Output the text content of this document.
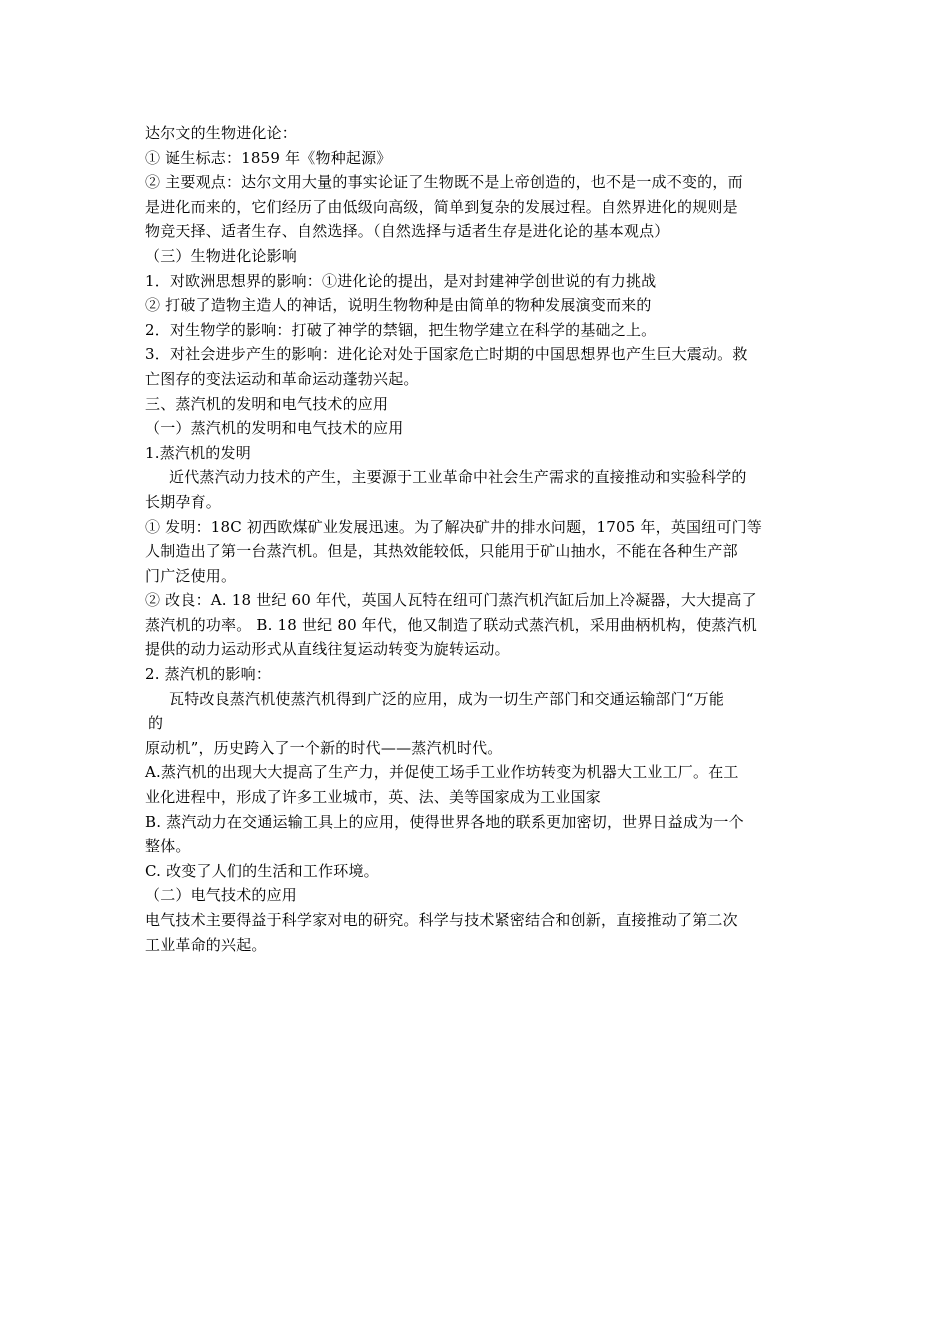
达尔文的生物进化论：
① 诞生标志：1859 年《物种起源》
② 主要观点：达尔文用大量的事实论证了生物既不是上帝创造的，也不是一成不变的，而
是进化而来的，它们经历了由低级向高级，简单到复杂的发展过程。自然界进化的规则是
物竞天择、适者生存、自然选择。（自然选择与适者生存是进化论的基本观点）
（三）生物进化论影响
1．对欧洲思想界的影响：①进化论的提出，是对封建神学创世说的有力挑战
② 打破了造物主造人的神话，说明生物物种是由简单的物种发展演变而来的
2．对生物学的影响：打破了神学的禁锢，把生物学建立在科学的基础之上。
3．对社会进步产生的影响：进化论对处于国家危亡时期的中国思想界也产生巨大震动。救
亡图存的变法运动和革命运动蓬勃兴起。
三、蒸汽机的发明和电气技术的应用
（一）蒸汽机的发明和电气技术的应用
1.蒸汽机的发明
近代蒸汽动力技术的产生，主要源于工业革命中社会生产需求的直接推动和实验科学的
长期孕育。
① 发明：18C 初西欧煤矿业发展迅速。为了解决矿井的排水问题，1705 年，英国纽可门等
人制造出了第一台蒸汽机。但是，其热效能较低，只能用于矿山抽水，不能在各种生产部
门广泛使用。
② 改良：A. 18 世纪 60 年代，英国人瓦特在纽可门蒸汽机汽缸后加上冷凝器，大大提高了
蒸汽机的功率。 B. 18 世纪 80 年代，他又制造了联动式蒸汽机，采用曲柄机构，使蒸汽机
提供的动力运动形式从直线往复运动转变为旋转运动。
2. 蒸汽机的影响：
瓦特改良蒸汽机使蒸汽机得到广泛的应用，成为一切生产部门和交通运输部门“万能
的
原动机”，历史跨入了一个新的时代——蒸汽机时代。
A.蒸汽机的出现大大提高了生产力，并促使工场手工业作坊转变为机器大工业工厂。在工
业化进程中，形成了许多工业城市，英、法、美等国家成为工业国家
B. 蒸汽动力在交通运输工具上的应用，使得世界各地的联系更加密切，世界日益成为一个
整体。
C. 改变了人们的生活和工作环境。
（二）电气技术的应用
电气技术主要得益于科学家对电的研究。科学与技术紧密结合和创新，直接推动了第二次
工业革命的兴起。
